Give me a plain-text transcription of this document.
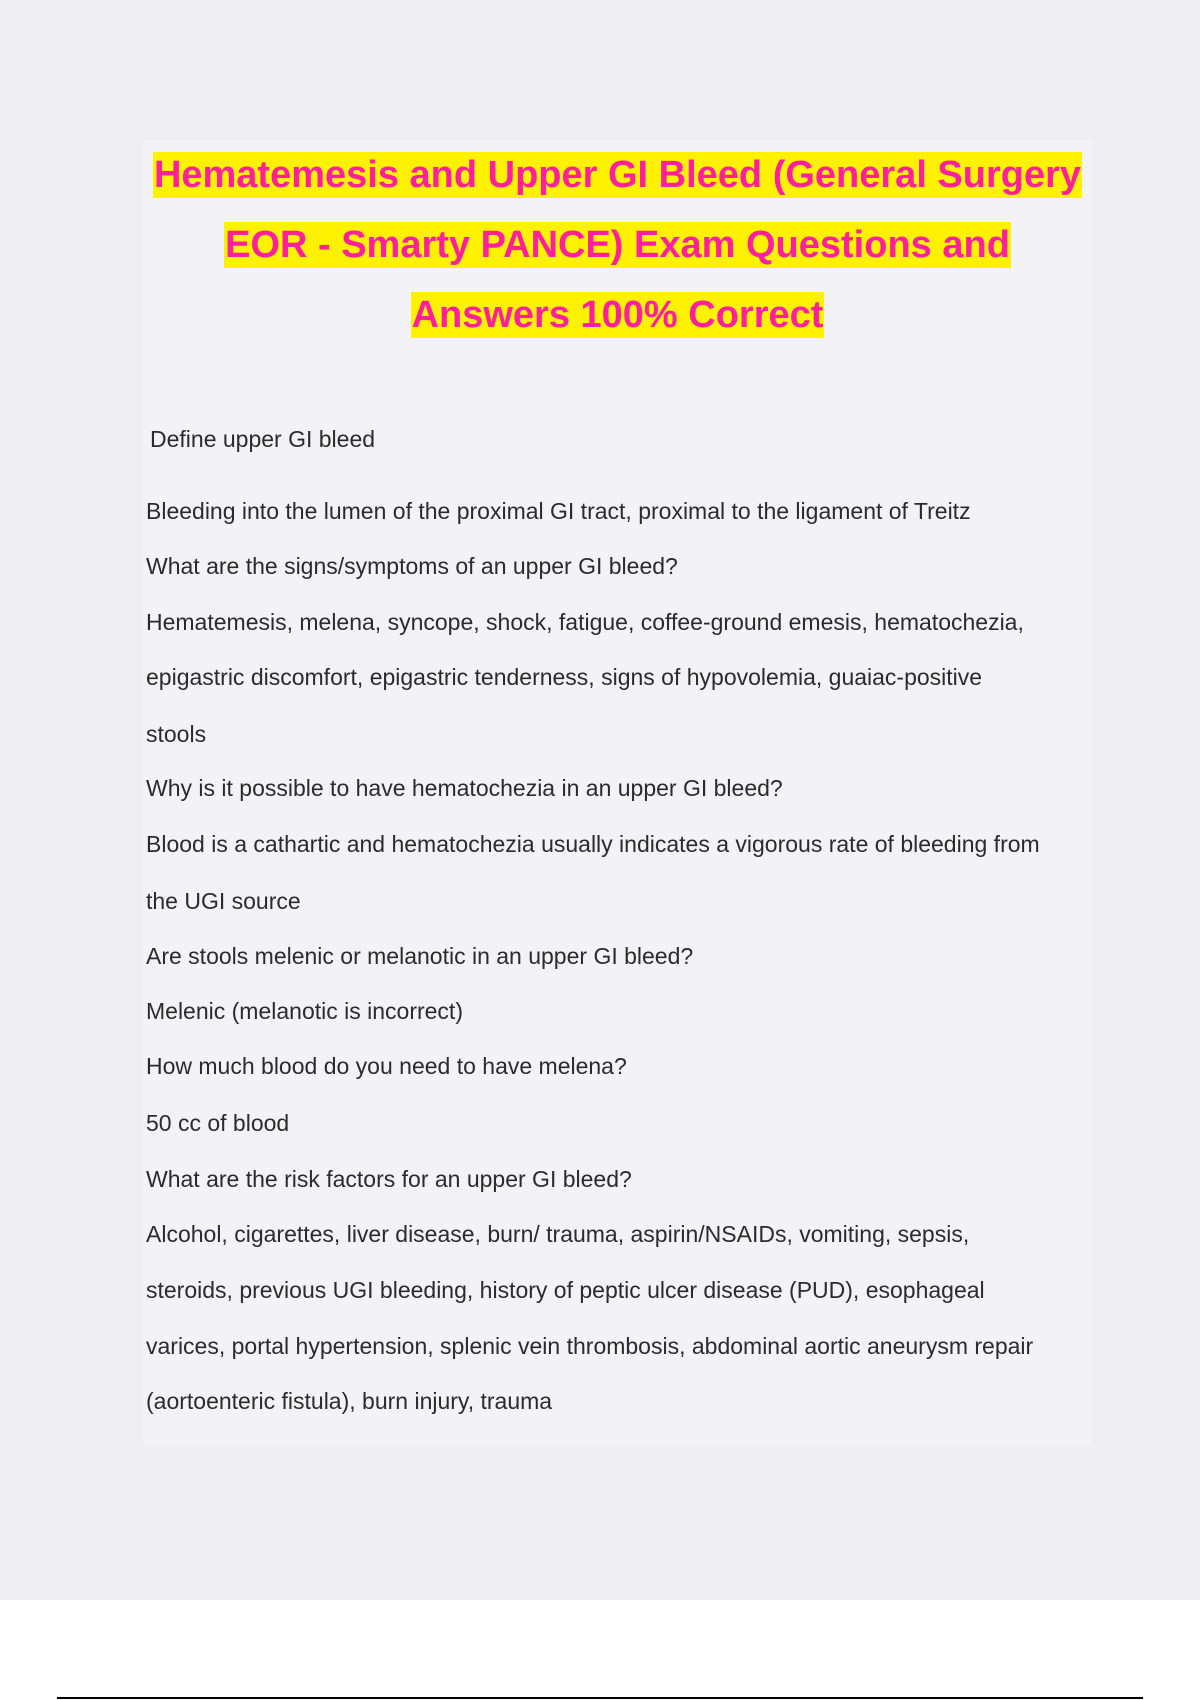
Hematemesis and Upper GI Bleed (General Surgery
EOR - Smarty PANCE) Exam Questions and
Answers 100% Correct

Define upper GI bleed

Bleeding into the lumen of the proximal GI tract, proximal to the ligament of Treitz

What are the signs/symptoms of an upper GI bleed?

Hematemesis, melena, syncope, shock, fatigue, coffee-ground emesis, hematochezia,

epigastric discomfort, epigastric tenderness, signs of hypovolemia, guaiac-positive

stools

Why is it possible to have hematochezia in an upper GI bleed?

Blood is a cathartic and hematochezia usually indicates a vigorous rate of bleeding from

the UGI source

Are stools melenic or melanotic in an upper GI bleed?

Melenic (melanotic is incorrect)

How much blood do you need to have melena?

50 cc of blood

What are the risk factors for an upper GI bleed?

Alcohol, cigarettes, liver disease, burn/ trauma, aspirin/NSAIDs, vomiting, sepsis,

steroids, previous UGI bleeding, history of peptic ulcer disease (PUD), esophageal

varices, portal hypertension, splenic vein thrombosis, abdominal aortic aneurysm repair

(aortoenteric fistula), burn injury, trauma
